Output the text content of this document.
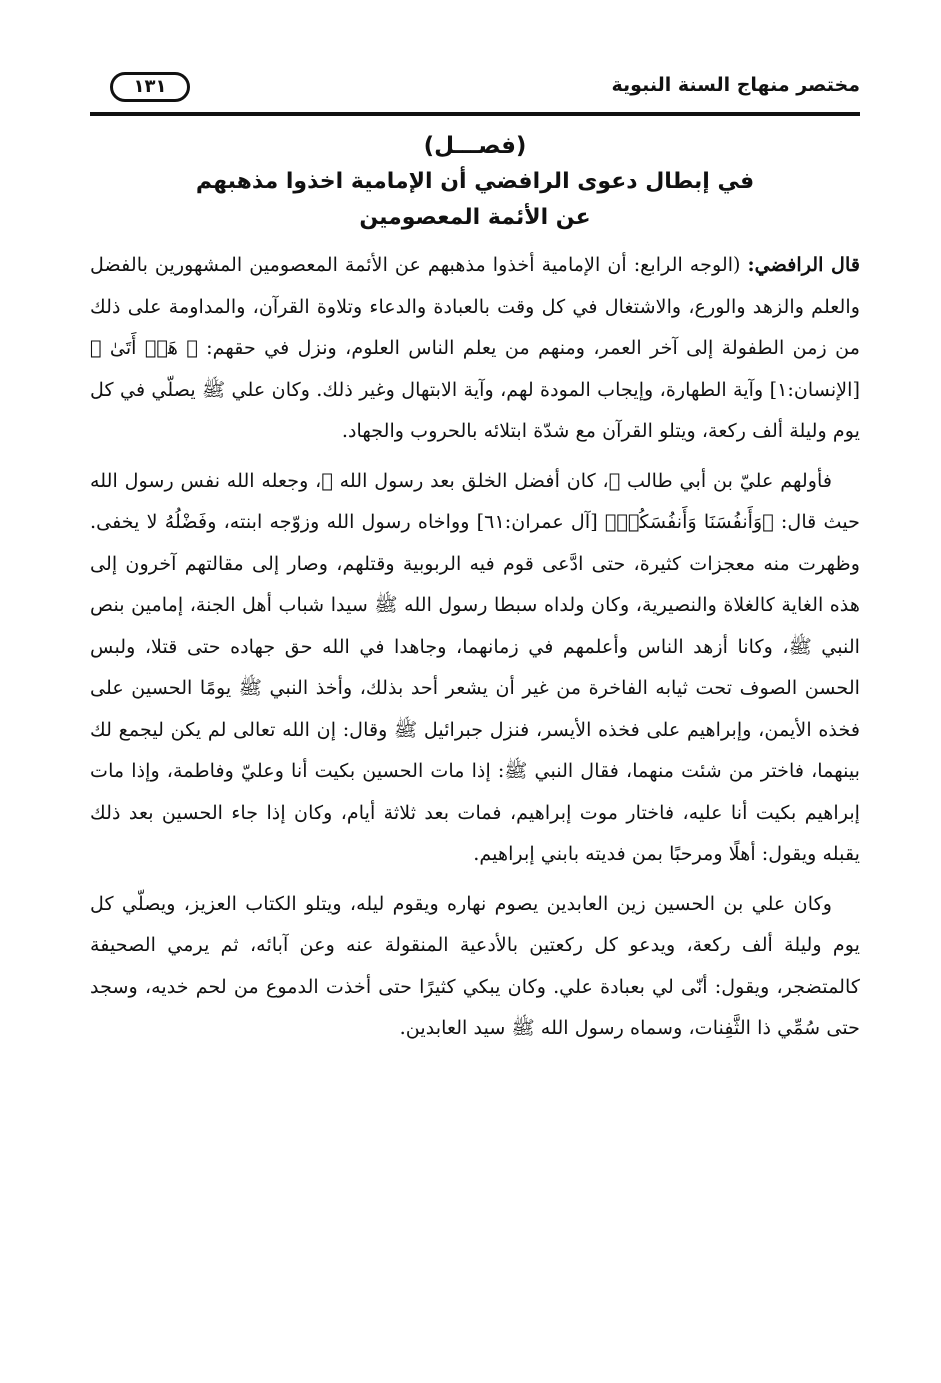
مختصر منهاج السنة النبوية
١٣١
(فصـــل)
في إبطال دعوى الرافضي أن الإمامية اخذوا مذهبهم
عن الأئمة المعصومين

قال الرافضي: (الوجه الرابع: أن الإمامية أخذوا مذهبهم عن الأئمة المعصومين المشهورين بالفضل والعلم والزهد والورع، والاشتغال في كل وقت بالعبادة والدعاء وتلاوة القرآن، والمداومة على ذلك من زمن الطفولة إلى آخر العمر، ومنهم من يعلم الناس العلوم، ونزل في حقهم: ﴿ هَلۡ أَتَىٰ ﴾ [الإنسان:١] وآية الطهارة، وإيجاب المودة لهم، وآية الابتهال وغير ذلك. وكان علي ﷺ يصلّي في كل يوم وليلة ألف ركعة، ويتلو القرآن مع شدّة ابتلائه بالحروب والجهاد.

فأولهم عليّ بن أبي طالب ﷺ، كان أفضل الخلق بعد رسول الله ﷺ، وجعله الله نفس رسول الله حيث قال: ﴿وَأَنفُسَنَا وَأَنفُسَكُمۡ﴾ [آل عمران:٦١] وواخاه رسول الله وزوّجه ابنته، وفَضْلُهُ لا يخفى. وظهرت منه معجزات كثيرة، حتى ادَّعى قوم فيه الربوبية وقتلهم، وصار إلى مقالتهم آخرون إلى هذه الغاية كالغلاة والنصيرية، وكان ولداه سبطا رسول الله ﷺ سيدا شباب أهل الجنة، إمامين بنص النبي ﷺ، وكانا أزهد الناس وأعلمهم في زمانهما، وجاهدا في الله حق جهاده حتى قتلا، ولبس الحسن الصوف تحت ثيابه الفاخرة من غير أن يشعر أحد بذلك، وأخذ النبي ﷺ يومًا الحسين على فخذه الأيمن، وإبراهيم على فخذه الأيسر، فنزل جبرائيل ﷺ وقال: إن الله تعالى لم يكن ليجمع لك بينهما، فاختر من شئت منهما، فقال النبي ﷺ: إذا مات الحسين بكيت أنا وعليّ وفاطمة، وإذا مات إبراهيم بكيت أنا عليه، فاختار موت إبراهيم، فمات بعد ثلاثة أيام، وكان إذا جاء الحسين بعد ذلك يقبله ويقول: أهلًا ومرحبًا بمن فديته بابني إبراهيم.

وكان علي بن الحسين زين العابدين يصوم نهاره ويقوم ليله، ويتلو الكتاب العزيز، ويصلّي كل يوم وليلة ألف ركعة، ويدعو كل ركعتين بالأدعية المنقولة عنه وعن آبائه، ثم يرمي الصحيفة كالمتضجر، ويقول: أنّى لي بعبادة علي. وكان يبكي كثيرًا حتى أخذت الدموع من لحم خديه، وسجد حتى سُمِّي ذا الثَّفِنات، وسماه رسول الله ﷺ سيد العابدين.
